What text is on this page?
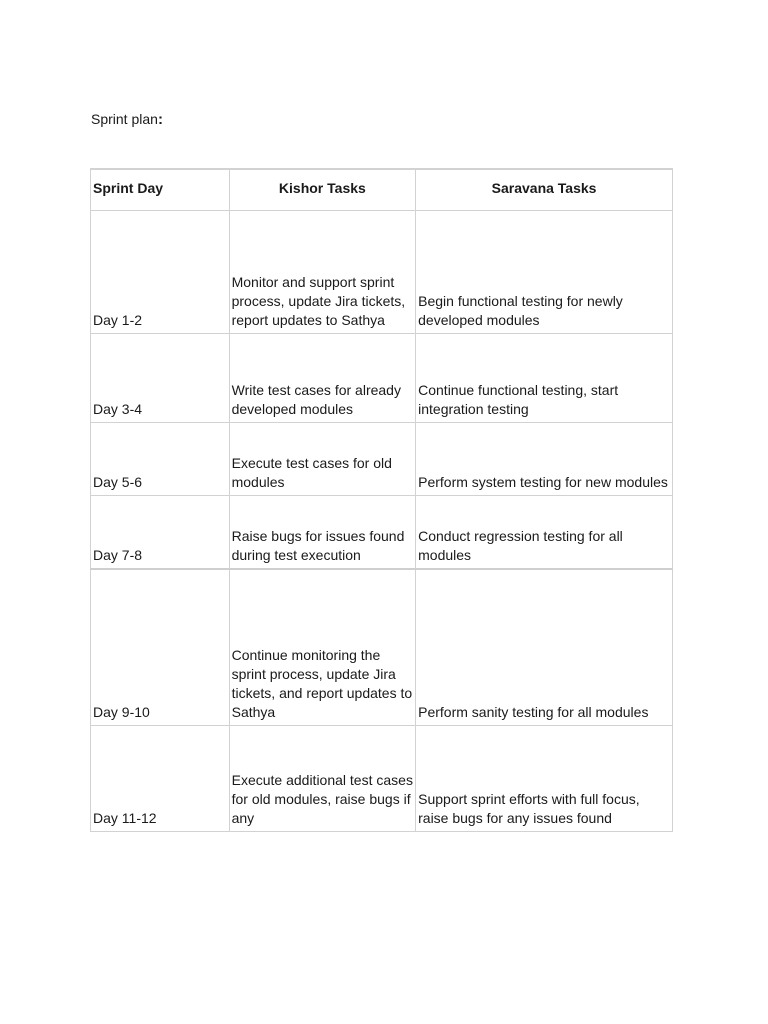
Sprint plan:

Sprint Day	Kishor Tasks	Saravana Tasks
Day 1-2	Monitor and support sprint process, update Jira tickets, report updates to Sathya	Begin functional testing for newly developed modules
Day 3-4	Write test cases for already developed modules	Continue functional testing, start integration testing
Day 5-6	Execute test cases for old modules	Perform system testing for new modules
Day 7-8	Raise bugs for issues found during test execution	Conduct regression testing for all modules
Day 9-10	Continue monitoring the sprint process, update Jira tickets, and report updates to Sathya	Perform sanity testing for all modules
Day 11-12	Execute additional test cases for old modules, raise bugs if any	Support sprint efforts with full focus, raise bugs for any issues found
